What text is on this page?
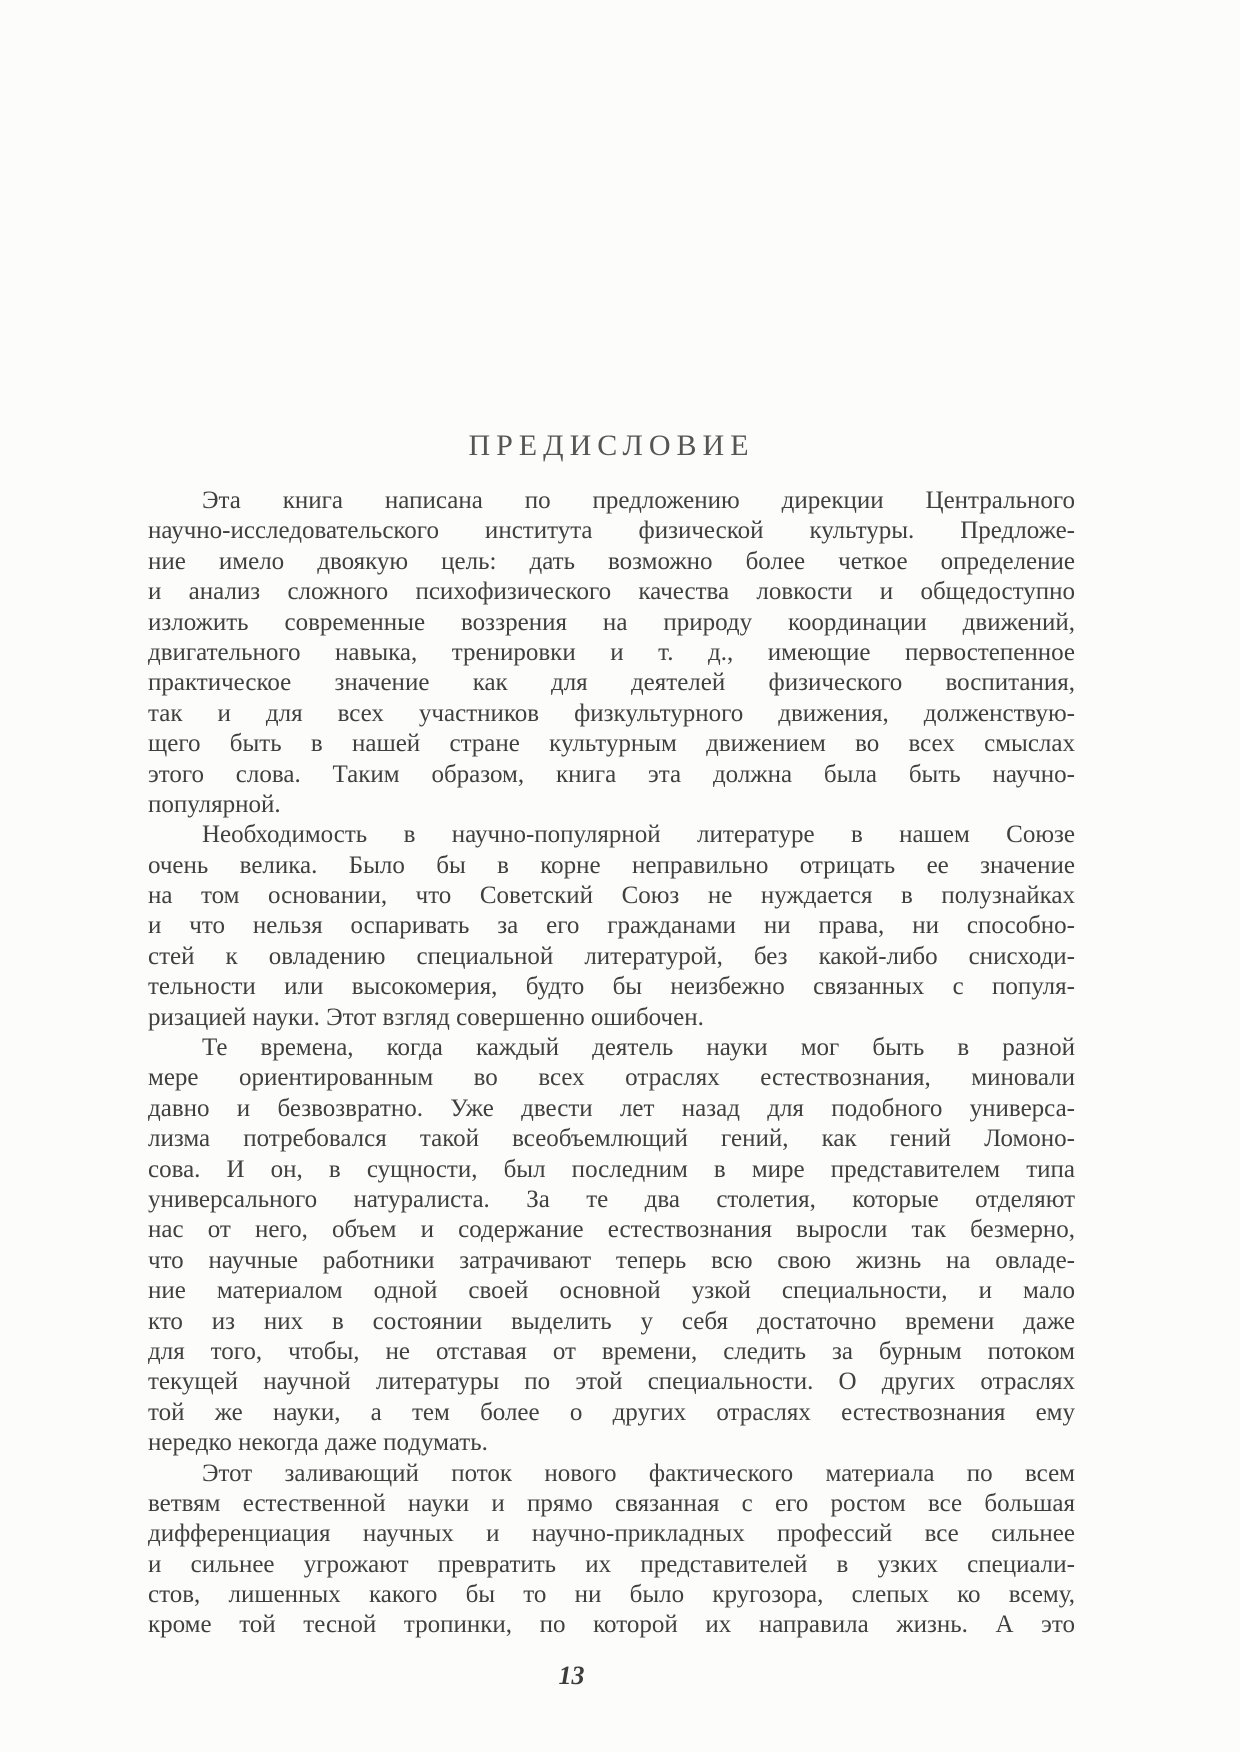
ПРЕДИСЛОВИЕ
Эта книга написана по предложению дирекции Центрального
научно-исследовательского института физической культуры. Предложе-
ние имело двоякую цель: дать возможно более четкое определение
и анализ сложного психофизического качества ловкости и общедоступно
изложить современные воззрения на природу координации движений,
двигательного навыка, тренировки и т. д., имеющие первостепенное
практическое значение как для деятелей физического воспитания,
так и для всех участников физкультурного движения, долженствую-
щего быть в нашей стране культурным движением во всех смыслах
этого слова. Таким образом, книга эта должна была быть научно-
популярной.
Необходимость в научно-популярной литературе в нашем Союзе
очень велика. Было бы в корне неправильно отрицать ее значение
на том основании, что Советский Союз не нуждается в полузнайках
и что нельзя оспаривать за его гражданами ни права, ни способно-
стей к овладению специальной литературой, без какой-либо снисходи-
тельности или высокомерия, будто бы неизбежно связанных с популя-
ризацией науки. Этот взгляд совершенно ошибочен.
Те времена, когда каждый деятель науки мог быть в разной
мере ориентированным во всех отраслях естествознания, миновали
давно и безвозвратно. Уже двести лет назад для подобного универса-
лизма потребовался такой всеобъемлющий гений, как гений Ломоно-
сова. И он, в сущности, был последним в мире представителем типа
универсального натуралиста. За те два столетия, которые отделяют
нас от него, объем и содержание естествознания выросли так безмерно,
что научные работники затрачивают теперь всю свою жизнь на овладе-
ние материалом одной своей основной узкой специальности, и мало
кто из них в состоянии выделить у себя достаточно времени даже
для того, чтобы, не отставая от времени, следить за бурным потоком
текущей научной литературы по этой специальности. О других отраслях
той же науки, а тем более о других отраслях естествознания ему
нередко некогда даже подумать.
Этот заливающий поток нового фактического материала по всем
ветвям естественной науки и прямо связанная с его ростом все большая
дифференциация научных и научно-прикладных профессий все сильнее
и сильнее угрожают превратить их представителей в узких специали-
стов, лишенных какого бы то ни было кругозора, слепых ко всему,
кроме той тесной тропинки, по которой их направила жизнь. А это
13
